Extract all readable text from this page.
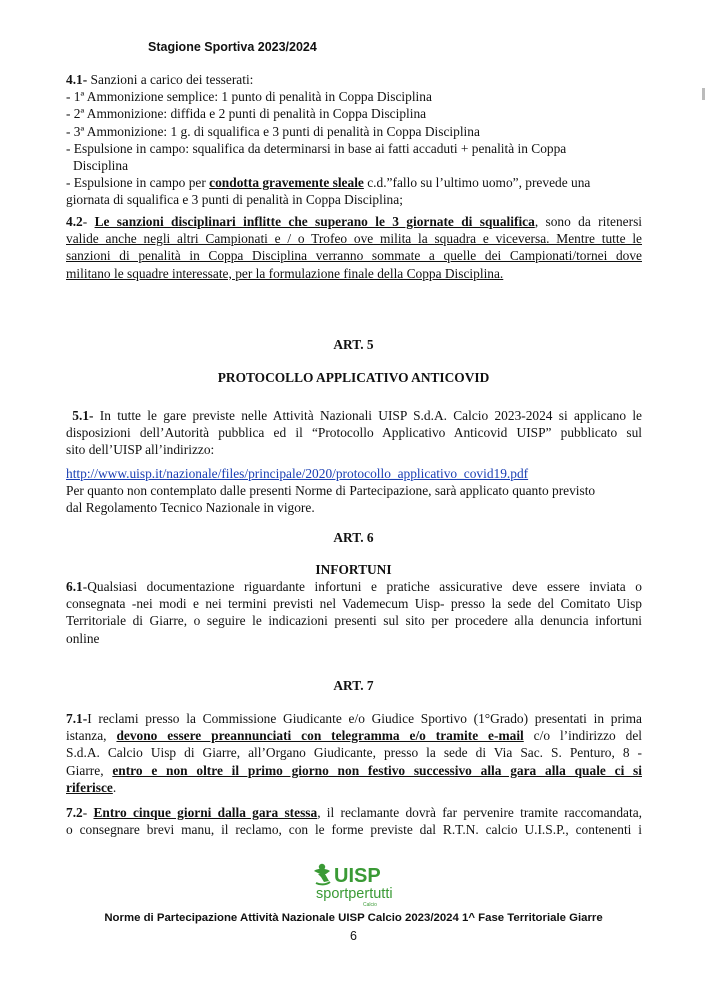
Stagione Sportiva 2023/2024
4.1- Sanzioni a carico dei tesserati:
- 1ª Ammonizione semplice: 1 punto di penalità in Coppa Disciplina
- 2ª Ammonizione: diffida e 2 punti di penalità in Coppa Disciplina
- 3ª Ammonizione: 1 g. di squalifica e 3 punti di penalità in Coppa Disciplina
- Espulsione in campo: squalifica da determinarsi in base ai fatti accaduti + penalità in Coppa
Disciplina
- Espulsione in campo per condotta gravemente sleale c.d.”fallo su l’ultimo uomo”, prevede una
giornata di squalifica e 3 punti di penalità in Coppa Disciplina;
4.2- Le sanzioni disciplinari inflitte che superano le 3 giornate di squalifica, sono da ritenersi
valide anche negli altri Campionati e / o Trofeo ove milita la squadra e viceversa. Mentre tutte le
sanzioni di penalità in Coppa Disciplina verranno sommate a quelle dei Campionati/tornei dove
militano le squadre interessate, per la formulazione finale della Coppa Disciplina.
ART. 5
PROTOCOLLO APPLICATIVO ANTICOVID
5.1- In tutte le gare previste nelle Attività Nazionali UISP S.d.A. Calcio 2023-2024 si applicano le
disposizioni dell’Autorità pubblica ed il “Protocollo Applicativo Anticovid UISP” pubblicato sul
sito dell’UISP all’indirizzo:
http://www.uisp.it/nazionale/files/principale/2020/protocollo_applicativo_covid19.pdf
Per quanto non contemplato dalle presenti Norme di Partecipazione, sarà applicato quanto previsto
dal Regolamento Tecnico Nazionale in vigore.
ART. 6
INFORTUNI
6.1-Qualsiasi documentazione riguardante infortuni e pratiche assicurative deve essere inviata o
consegnata -nei modi e nei termini previsti nel Vademecum Uisp- presso la sede del Comitato Uisp
Territoriale di Giarre, o seguire le indicazioni presenti sul sito per procedere alla denuncia infortuni
online
ART. 7
7.1-I reclami presso la Commissione Giudicante e/o Giudice Sportivo (1°Grado) presentati in prima
istanza, devono essere preannunciati con telegramma e/o tramite e-mail c/o l’indirizzo del
S.d.A. Calcio Uisp di Giarre, all’Organo Giudicante, presso la sede di Via Sac. S. Penturo, 8 -
Giarre, entro e non oltre il primo giorno non festivo successivo alla gara alla quale ci si
riferisce.
7.2- Entro cinque giorni dalla gara stessa, il reclamante dovrà far pervenire tramite raccomandata,
o consegnare brevi manu, il reclamo, con le forme previste dal R.T.N. calcio U.I.S.P., contenenti i
UISP
sportpertutti
Calcio
Norme di Partecipazione Attività Nazionale UISP Calcio 2023/2024 1^ Fase Territoriale Giarre
6
